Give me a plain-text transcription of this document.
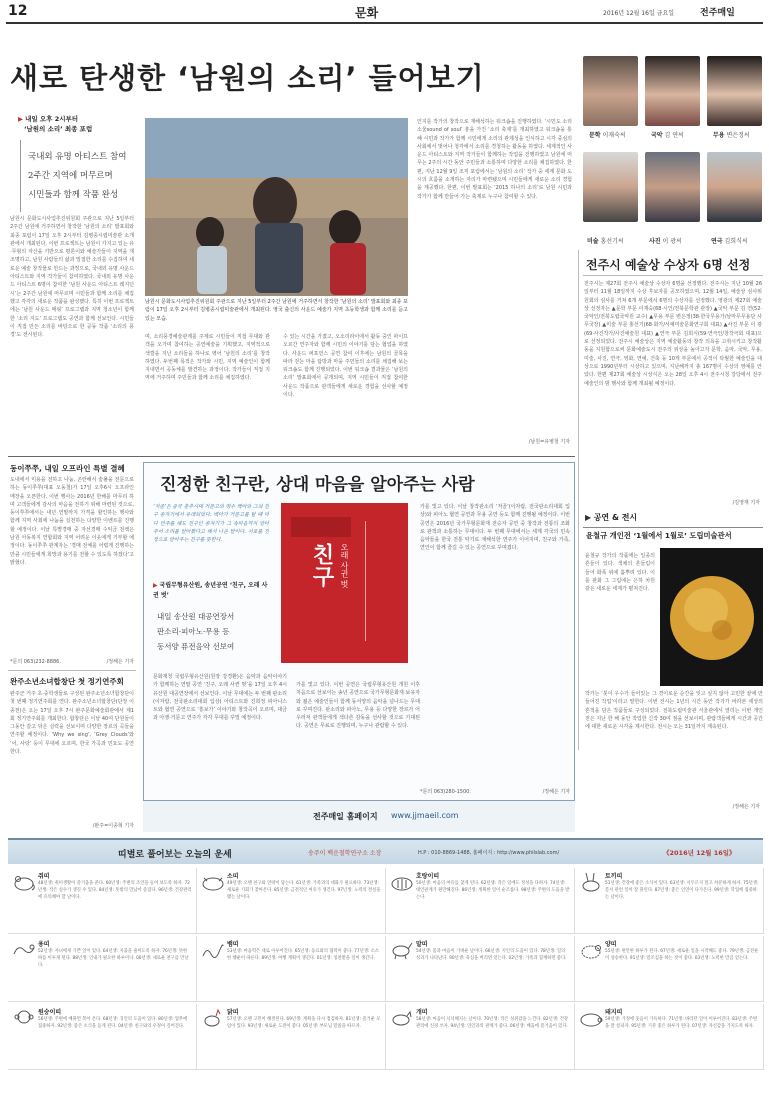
12	문화	2016년 12월 16일 금요일	전주매일
새로 탄생한 ‘남원의 소리’ 들어보기
문학 이재숙씨	국악 김 연씨	무용 변은정씨
미술 홍선기씨	사진 이 광씨	연극 김희식씨
전주시 예술상 수상자 6명 선정
전주시는 제27회 전주시 예술상 수상자 6명을 선정했다. 전주시는 지난 10월 26일부터 11월 18일까지 수상 후보자를 공모하였으며, 12월 14일, 예술상 심사위원회의 심사를 거쳐 6개 부문에서 6명의 수상자를 선정했다. 영광의 제27회 예술상 선정자는 ▲문학 부문 이재숙(68·시인/전북문학관 관장) ▲국악 부문 김 연(52·국악인/전북도립국악원 교수) ▲무용 부문 변은정(38·한국무용가/날마무무용단 사무국장) ▲미술 부문 홍선기(68·화가/서예미술문화연구회 대표) ▲사진 부문 이 광(69·사진작가/사진예술원 대표) ▲연극 부문 김희식(59·연극인/창작극회 대표)으로 선정되었다. 전주시 예술상은 지역 예술활동의 창작 의욕을 고취시키고 창작활동을 지원함으로써 문화예술도시 전주의 위상을 높이고자 문학, 음악, 국악, 무용, 미술, 사진, 연극, 영화, 연예, 건축 등 10개 부문에서 공적이 탁월한 예술인을 대상으로 1990년부터 시상하고 있으며, 지난해까지 총 167명이 수상의 영예를 안았다. 한편 제27회 예술상 시상식은 오는 28일 오후 4시 전주시청 강당에서 전주예술인의 밤 행사와 함께 개최될 예정이다.
/김영재 기자
▶ 내일 오후 2시부터
‘남원의 소리’ 최종 포럼
국내외 유명 아티스트 참여
2주간 지역에 머무르며
시민들과 함께 작품 완성
남원시 문화도시사업추진위원회 주관으로 지난 5일부터 2주간 남원에 거주하면서 창작한 ‘남원의 소리’ 발표회와 최종 포럼이 17일 오후 2시부터 김병종시립미술관 소개관에서 개최된다. 이번 프로젝트는 남원이 가지고 있는 유·무형의 자산을 기반으로 평론이와 예술가들이 지역을 재조명하고, 남원 사람들의 삶과 밀접한 소리를 수집하여 새로운 예술 창작물로 만드는 과정으로, 국내외 유명 사운드 아티스트와 지역 작가들이 참여하였다. 국내외 유명 사운드 아티스트 6명이 참여한 ‘남원 사운드 아티스트 레지던시’는 2주간 남원에 머무르며 시민들과 함께 소리를 채집했고 각각의 새로운 작품을 완성했다. 특히 이번 프로젝트에는 ‘남원 사운드 매핑’ 프로그램과 지역 청소년이 함께한 ‘소리 지도’ 프로그램도 공연과 함께 선보인다. 시민들이 직접 만든 소리를 바탕으로 한 공동 작품 ‘소리의 풍경’도 전시된다.
남원시 문화도시사업추진위원회 주관으로 지난 5일부터 2주간 남원에 거주하면서 창작한 ‘남원의 소리’ 발표회와 최종 포럼이 17일 오후 2시부터 김병종시립미술관에서 개최된다. 영국 출신의 사운드 예술가 지역 초등학생과 함께 소리를 듣고 있는 모습.
며, 소리풍경예술관계를 주제로 시민들이 직접 무대와 관객을 오가며 참여하는 공연예술을 기획했고, 지역적으로 색깔을 지닌 소리들을 하나로 엮어 ‘남원의 소리’를 창작하였다. 두번째 목적은 작가와 시민, 지역 예술인이 함께 지내면서 공동체를 발견하는 과정이다. 작가들이 직접 지역에 거주하며 주민들과 함께 소리를 채집하였다.
수 있는 시간을 가졌고, 오소리라이에서 활동 중인 파이프 오르간 연주자와 함께 시민의 이야기를 담는 협업을 하였다. 사운드 퍼포먼스 공연 참여 이후에는 남원의 골목을 따라 걷는 마을 탐방과 마을 주민들의 소리를 채집해 보는 워크숍도 함께 진행되었다. 이번 워크숍 결과물은 ‘남원의 소리’ 발표회에서 공개되며, 지역 시민들이 직접 참여한 사운드 작품으로 관객들에게 새로운 경험을 선사할 예정이다.
인지를 작가의 창작으로 재해석하는 워크숍을 진행하였다. ‘시민도 소리 소울sound of soul’ 흥을 가진 ‘소리 축제’를 개최하였고 워크숍을 통해 시민과 작가가 함께 시민에게 소리의 관계성을 인식하고 시각 중심의 사회에서 벗어나 청각에서 소리를 경청하는 활동을 하였다. 세계적인 사운드 아티스트와 지역 작가들이 함께하는 작업을 진행하였고 남원에 머무는 2주의 시간 동안 주민들과 소통하며 다양한 소리를 채집하였다. 한편, 지난 12월 9일 조직 포럼에서는 ‘남원의 소리’ 작가 중 세계 문화 도시의 흐름을 소개하는 자리가 마련됐으며 시민들에게 새로운 소리 경험을 제공했다. 한편, 이번 발표회는 ‘2015 하나의 소리’로 남원 시민과 작가가 함께 만들어 가는 축제로 누구나 참여할 수 있다.
/남원=유병철 기자
동이쭈쭈, 내일 오프라인 특별 결혜
도내에서 미용을 전하고 나눔, 곤란해서 술풀을 전문으로 하는 동이쭈쭈(대표 오동철)가 17일 오후6시 오프라인 매장을 오픈한다. 이번 행사는 2016년 한해를 마무리 하며 고객들에게 감사의 마음을 전하기 위해 마련된 것으로, 동이쭈쭈에서는 내년 연말까지 가격을 할인하는 행사와 함께 지역 사회에 나눔을 실천하는 다양한 이벤트를 진행할 예정이다. 이날 특별경매 중 자선경매 수익금 전액은 남원 아동복지 연합회와 지역 어려운 이웃에게 기부할 예정이다. 동이쭈쭈 관계자는 ‘경매 전체를 어렵게 진행하는 만큼 시민들에게 희망과 용기를 전할 수 있도록 하겠다’고 밝혔다.
*문의 063)232-8886.	/정해은 기자
완주소년소녀합창단 첫 정기연주회
완주군 거주 초·중학생들로 구성된 완주소년소녀합창단이 첫 번째 정기연주회를 연다. 완주소년소녀합창단(단장 이종천)은 오는 17일 오후 7시 완주문화예술회관에서 제1회 정기연주회를 개최한다. 합창단은 이날 40여 단원들이 그동안 갈고 닦은 실력을 선보이며 다양한 장르의 곡들을 연주할 예정이다. ‘Why we sing’, ‘Grey Clouds’와 ‘어, 사랑’ 등이 무대에 오르며, 한국 가곡과 민요도 공연한다.
/완주=이종혁 기자
진정한 친구란, 상대 마음을 알아주는 사람
‘저골’은 중국 춘추시대 거문고의 명수 백아와 그의 친구 종자기에서 유래되었다. 백아가 거문고를 탈 때 마다 연주를 해도 친구인 종자기가 그 속마음까지 알아주어 소리를 알아봤다고 해서 나온 말이다. 서로를 진정으로 알아주는 친구를 뜻한다.
▶ 국립무형유산원, 송년공연 ‘친구, 오래 사귄 벗’
내일 송산원 대공연장서
판소리·피아노·무용 등
동서양 퓨전음악 선보여
친구 오래 사귄 벗
가를 빛고 있다. 이날 창작판소리 ‘저골’(이자람, 전국판소리대회 입상)와 피아노 협연 공연과 무용 공연 등도 함께 진행될 예정이다. 이번 공연은 2016년 국가무형문화재 전승자 공연 중 창작과 전통의 조화로 관객과 소통하는 무대이다. 두 번째 무대에서는 세계 각국의 민속 음악들을 한국 전통 악기로 재해석한 연주가 이어지며, 친구와 가족, 연인이 함께 즐길 수 있는 공연으로 꾸며졌다.
문화재청 국립무형유산원(원장 강경환)은 음악과 음악이야기가 함께하는 연말 공연 ‘친구, 오래 사귄 벗’을 17일 오후 4시 유산원 대공연장에서 선보인다. 이날 무대에는 두 번째 판소리(이자람, 전국판소리대회 입상) 아티스트와 진희정 피아니스트와 협연 공연으로 ‘흥보가’ 이야기와 창작곡이 오르며, 대금과 아쟁·거문고 연주가 각각 무대를 꾸밀 예정이다.
가를 빛고 있다. 이번 공연은 국립무형유산원 개원 이후 처음으로 선보이는 송년 공연으로 국가무형문화재 보유자와 젊은 예술인들이 함께 동서양의 음악을 넘나드는 무대로 꾸며진다. 판소리와 피아노, 무용 등 다양한 장르가 어우러져 관객들에게 색다른 감동을 선사할 것으로 기대된다. 공연은 무료로 진행되며, 누구나 관람할 수 있다.
*문의 063)280-1500.	/정해은 기자
전주매일 홈페이지 www.jjmaeil.com
▶ 공연 & 전시
윤철규 개인전 ‘1월에서 1월로’ 도립미술관서
윤철규 작가의 작품에는 일종의 흔들이 있다. 색채의 흔들림이 들어 화폭 위에 흩뿌려 있다. 이를 판화 그 그림에는 은하 차원 같은 새로운 세계가 펼쳐진다.
작가는 ‘붓이 우수가 들어있는 그 경이로운 순간을 잊고 싶지 않아 고민한 끝에 만들어진 작업’이라고 말한다. 이번 전시는 1년의 시간 동안 작가가 바라본 세상의 흔적을 담은 작품들로 구성되었다. 전북도립미술관 서울관에서 열리는 이번 개인전은 지난 한 해 동안 작업한 신작 30여 점을 선보이며, 관람객들에게 시간과 공간에 대한 새로운 시각을 제시한다. 전시는 오는 31일까지 계속된다.
/정해은 기자
띠별로 풀어보는 오늘의 운세	송주이 백운철학연구소 소장	H.P : 010-8869-1488, 홈페이지 : http://www.philslab.com/	《2016년 12월 16일》
쥐띠
48년생: 취미생활이 즐거움을 준다. 60년생: 주변의 조언을 들어 보도록 하자. 72년생: 작은 실수가 생길 수 있다. 84년생: 뜻밖의 만남이 즐겁다. 96년생: 건강관리에 유의해야 할 날이다.
소띠
49년생: 오랜 친구와 연락이 닿는다. 61년생: 가족과의 대화가 필요하다. 73년생: 새로운 기회가 찾아온다. 85년생: 금전적인 여유가 생긴다. 97년생: 노력의 결실을 맺는 날이다.
호랑이띠
50년생: 마음의 여유를 찾게 된다. 62년생: 작은 일에도 정성을 다하자. 74년생: 대인관계가 원만해진다. 86년생: 계획한 일이 순조롭다. 98년생: 주변의 도움을 받는다.
토끼띠
51년생: 건강에 좋은 소식이 있다. 63년생: 서두르지 말고 차분하게 하자. 75년생: 문서 관련 일이 잘 풀린다. 87년생: 좋은 인연이 다가온다. 99년생: 학업에 집중하는 날이다.
용띠
52년생: 자녀에게 기쁜 일이 있다. 64년생: 지출을 줄이도록 하자. 76년생: 뜻한 바를 이루게 된다. 88년생: 인내가 필요한 하루이다. 00년생: 새로운 친구를 만난다.
뱀띠
53년생: 마음먹은 대로 이루어진다. 65년생: 동료와의 협력이 좋다. 77년생: 소소한 행운이 따른다. 89년생: 여행 계획이 생긴다. 01년생: 칭찬받을 일이 생긴다.
말띠
54년생: 몸과 마음이 가벼운 날이다. 66년생: 지인의 도움이 있다. 78년생: 일의 성과가 나타난다. 90년생: 욕심을 버리면 얻는다. 02년생: 가족과 함께하면 좋다.
양띠
55년생: 편안한 하루가 된다. 67년생: 새로운 일을 시작해도 좋다. 79년생: 금전운이 상승한다. 91년생: 말조심을 하는 것이 좋다. 03년생: 노력한 만큼 얻는다.
원숭이띠
56년생: 주변에 베풀면 복이 온다. 68년생: 귀인의 도움이 있다. 80년생: 업무에 집중하자. 92년생: 좋은 소식을 듣게 된다. 04년생: 친구와의 우정이 깊어진다.
닭띠
57년생: 오랜 고민이 해결된다. 69년생: 계획을 다시 점검하자. 81년생: 즐거운 모임이 있다. 93년생: 새로운 도전이 좋다. 05년생: 부모님 말씀을 따르자.
개띠
58년생: 마음이 넉넉해지는 날이다. 70년생: 작은 성취감을 느낀다. 82년생: 건강관리에 신경 쓰자. 94년생: 연인과의 관계가 좋다. 06년생: 배움에 즐거움이 있다.
돼지띠
59년생: 가정에 웃음이 가득하다. 71년생: 바라던 일이 이루어진다. 83년생: 주변을 잘 살피자. 95년생: 기분 좋은 하루가 된다. 07년생: 자신감을 가지도록 하자.
